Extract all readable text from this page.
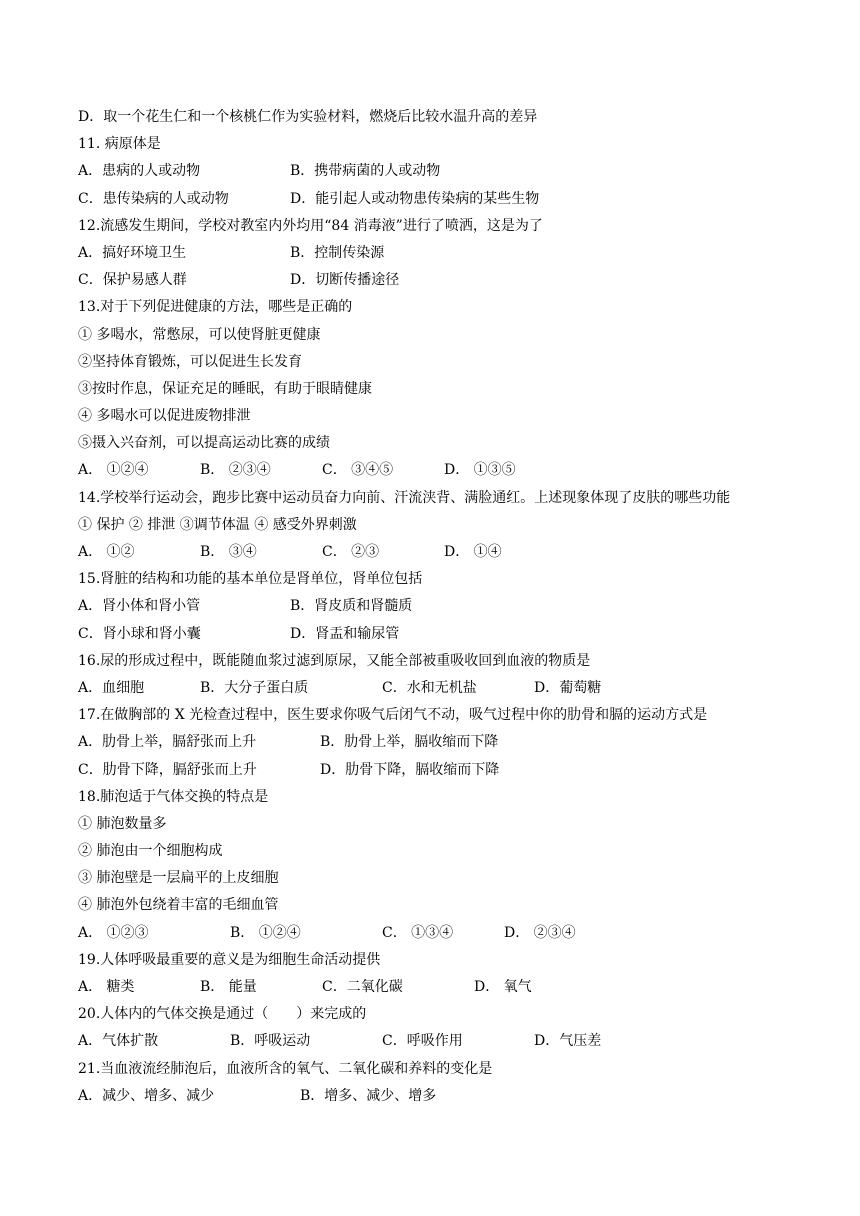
D．取一个花生仁和一个核桃仁作为实验材料，燃烧后比较水温升高的差异
11. 病原体是
A．患病的人或动物	B．携带病菌的人或动物
C．患传染病的人或动物	D．能引起人或动物患传染病的某些生物
12.流感发生期间，学校对教室内外均用“84 消毒液”进行了喷洒，这是为了
A．搞好环境卫生	B．控制传染源
C．保护易感人群	D．切断传播途径
13.对于下列促进健康的方法，哪些是正确的
① 多喝水，常憋尿，可以使肾脏更健康
②坚持体育锻炼，可以促进生长发育
③按时作息，保证充足的睡眠，有助于眼睛健康
④ 多喝水可以促进废物排泄
⑤摄入兴奋剂，可以提高运动比赛的成绩
A． ①②④	B． ②③④	C． ③④⑤	D． ①③⑤
14.学校举行运动会，跑步比赛中运动员奋力向前、汗流浃背、满脸通红。上述现象体现了皮肤的哪些功能
① 保护 ② 排泄 ③调节体温 ④ 感受外界刺激
A． ①②	B． ③④	C． ②③	D． ①④
15.肾脏的结构和功能的基本单位是肾单位，肾单位包括
A．肾小体和肾小管	B．肾皮质和肾髓质
C．肾小球和肾小囊	D．肾盂和输尿管
16.尿的形成过程中，既能随血浆过滤到原尿，又能全部被重吸收回到血液的物质是
A．血细胞	B．大分子蛋白质	C．水和无机盐	D．葡萄糖
17.在做胸部的 X 光检查过程中，医生要求你吸气后闭气不动，吸气过程中你的肋骨和膈的运动方式是
A．肋骨上举，膈舒张而上升	B．肋骨上举，膈收缩而下降
C．肋骨下降，膈舒张而上升	D．肋骨下降，膈收缩而下降
18.肺泡适于气体交换的特点是
① 肺泡数量多
② 肺泡由一个细胞构成
③ 肺泡壁是一层扁平的上皮细胞
④ 肺泡外包绕着丰富的毛细血管
A． ①②③	B． ①②④	C． ①③④	D． ②③④
19.人体呼吸最重要的意义是为细胞生命活动提供
A． 糖类	B． 能量	C．二氧化碳	D． 氧气
20.人体内的气体交换是通过（　　）来完成的
A．气体扩散	B．呼吸运动	C．呼吸作用	D．气压差
21.当血液流经肺泡后，血液所含的氧气、二氧化碳和养料的变化是
A．减少、增多、减少	B．增多、减少、增多
